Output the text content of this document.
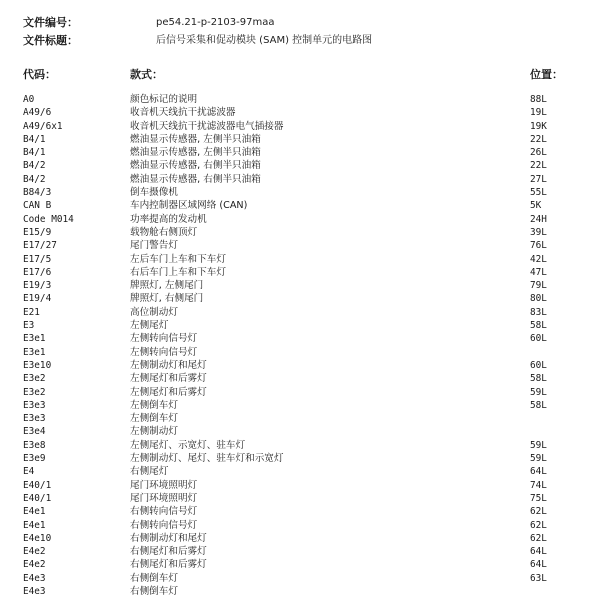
文件编号：	pe54.21-p-2103-97maa
文件标题：	后信号采集和促动模块 (SAM) 控制单元的电路图
代码：	款式：	位置：
A0	颜色标记的说明	88L
A49/6	收音机天线抗干扰滤波器	19L
A49/6x1	收音机天线抗干扰滤波器电气插接器	19K
B4/1	燃油显示传感器, 左侧半只油箱	22L
B4/1	燃油显示传感器, 左侧半只油箱	26L
B4/2	燃油显示传感器, 右侧半只油箱	22L
B4/2	燃油显示传感器, 右侧半只油箱	27L
B84/3	倒车摄像机	55L
CAN B	车内控制器区域网络 (CAN)	5K
Code M014	功率提高的发动机	24H
E15/9	载物舱右侧顶灯	39L
E17/27	尾门警告灯	76L
E17/5	左后车门上车和下车灯	42L
E17/6	右后车门上车和下车灯	47L
E19/3	牌照灯, 左侧尾门	79L
E19/4	牌照灯, 右侧尾门	80L
E21	高位制动灯	83L
E3	左侧尾灯	58L
E3e1	左侧转向信号灯	60L
E3e1	左侧转向信号灯
E3e10	左侧制动灯和尾灯	60L
E3e2	左侧尾灯和后雾灯	58L
E3e2	左侧尾灯和后雾灯	59L
E3e3	左侧倒车灯	58L
E3e3	左侧倒车灯
E3e4	左侧制动灯
E3e8	左侧尾灯、示宽灯、驻车灯	59L
E3e9	左侧制动灯、尾灯、驻车灯和示宽灯	59L
E4	右侧尾灯	64L
E40/1	尾门环境照明灯	74L
E40/1	尾门环境照明灯	75L
E4e1	右侧转向信号灯	62L
E4e1	右侧转向信号灯	62L
E4e10	右侧制动灯和尾灯	62L
E4e2	右侧尾灯和后雾灯	64L
E4e2	右侧尾灯和后雾灯	64L
E4e3	右侧倒车灯	63L
E4e3	右侧倒车灯
